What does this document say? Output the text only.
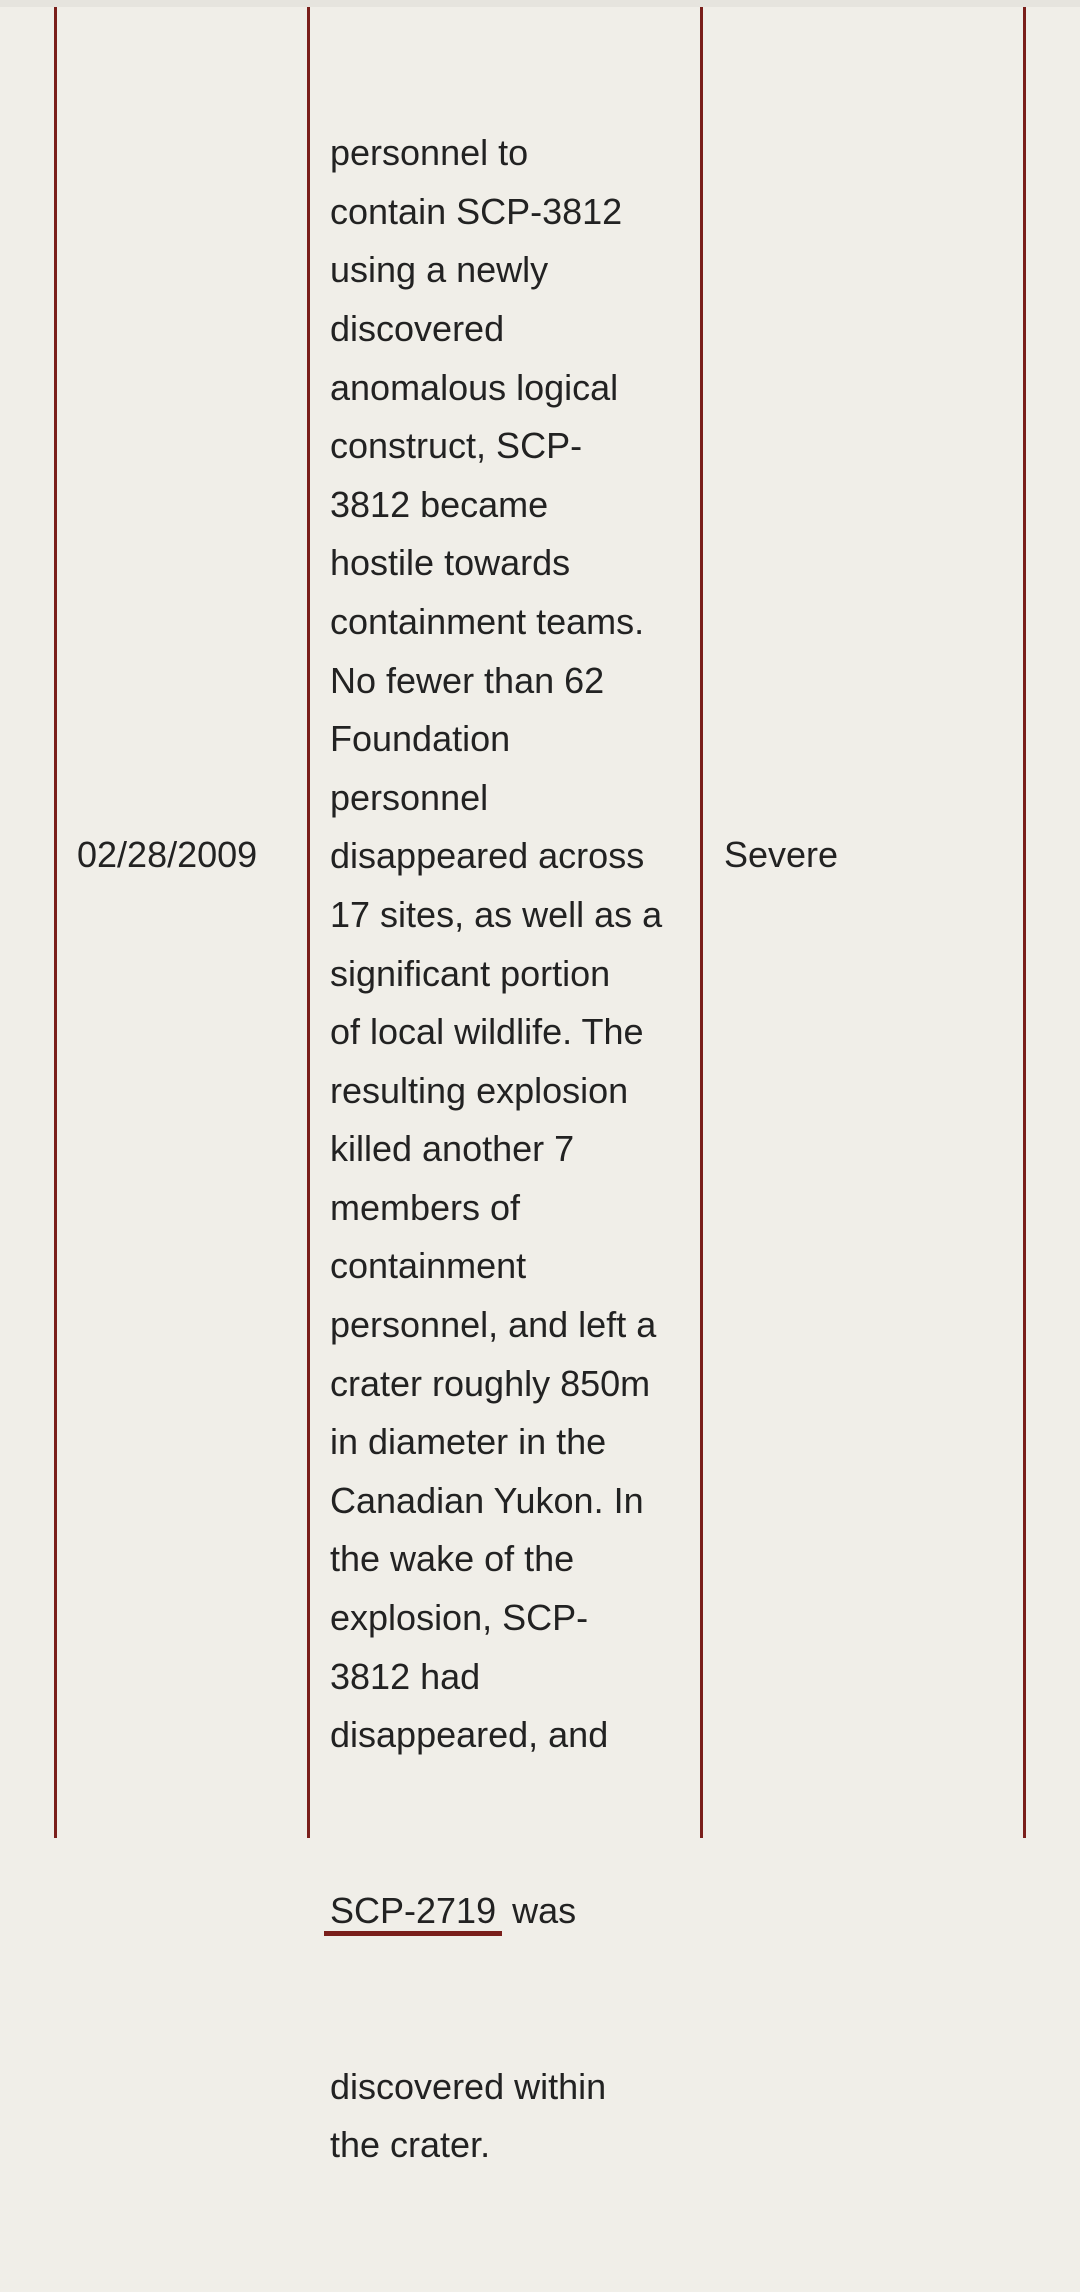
02/28/2009

personnel to
contain SCP-3812
using a newly
discovered
anomalous logical
construct, SCP-
3812 became
hostile towards
containment teams.
No fewer than 62
Foundation
personnel
disappeared across
17 sites, as well as a
significant portion
of local wildlife. The
resulting explosion
killed another 7
members of
containment
personnel, and left a
crater roughly 850m
in diameter in the
Canadian Yukon. In
the wake of the
explosion, SCP-
3812 had
disappeared, and

SCP-2719 was

discovered within
the crater.

Severe
